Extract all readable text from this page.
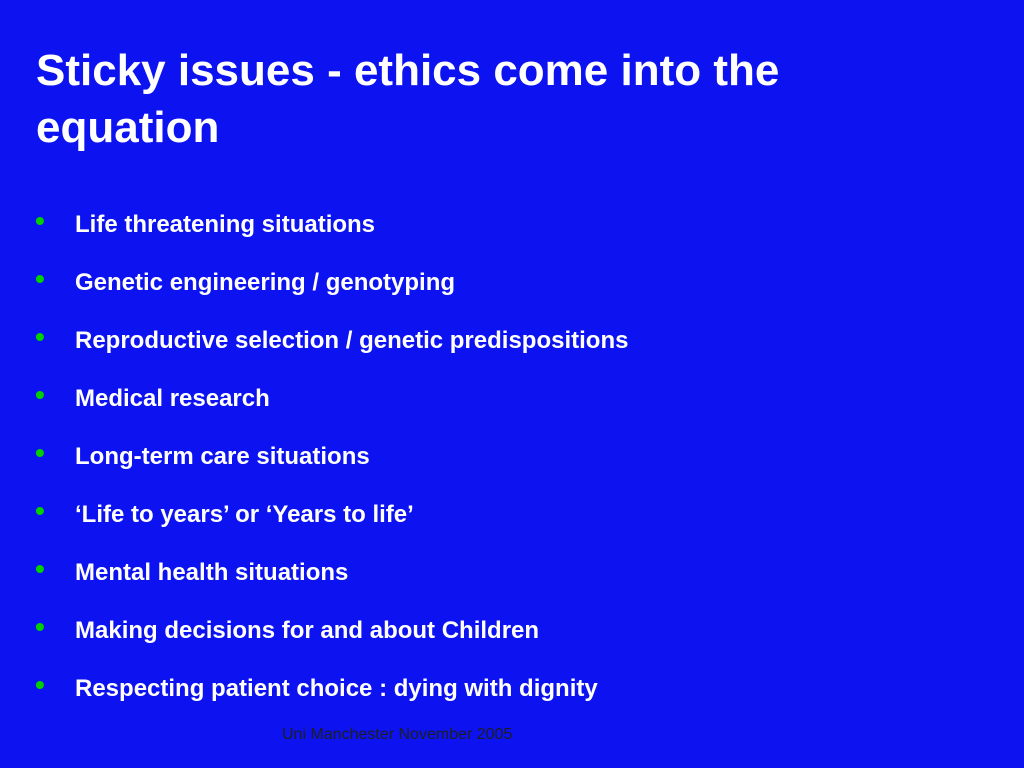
Sticky issues - ethics come into the equation
• Life threatening situations
• Genetic engineering / genotyping
• Reproductive selection / genetic predispositions
• Medical research
• Long-term care situations
• ‘Life to years’ or ‘Years to life’
• Mental health situations
• Making decisions for and about Children
• Respecting patient choice : dying with dignity
Uni Manchester November 2005
